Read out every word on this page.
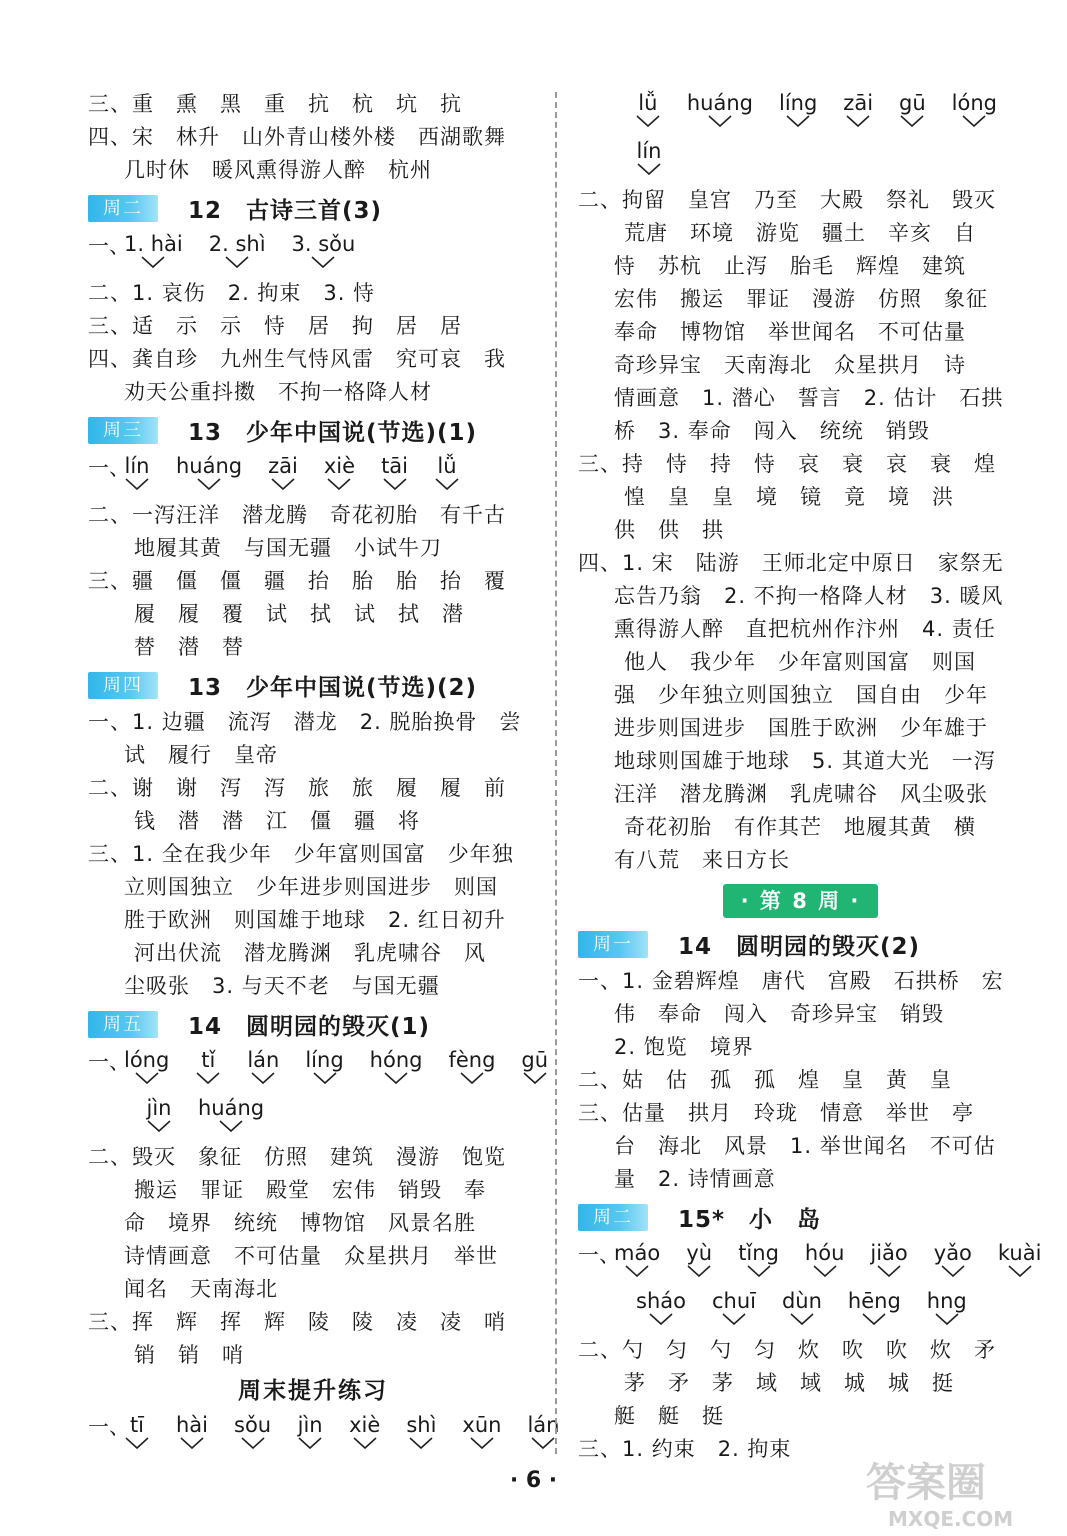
三、重　熏　黑　重　抗　杭　坑　抗
四、宋　林升　山外青山楼外楼　西湖歌舞
几时休　暖风熏得游人醉　杭州
周二	12　古诗三首(3)
一、
1. hài 2. shì 3. sǒu
二、1. 哀伤　2. 拘束　3. 恃
三、适　示　示　恃　居　拘　居　居
四、龚自珍　九州生气恃风雷　究可哀　我
劝天公重抖擞　不拘一格降人材
周三	13　少年中国说(节选)(1)
一、
lín huáng zāi xiè tāi lǚ
二、一泻汪洋　潜龙腾　奇花初胎　有千古
地履其黄　与国无疆　小试牛刀
三、疆　僵　僵　疆　抬　胎　胎　抬　覆
履　履　覆　试　拭　试　拭　潜
替　潜　替
周四	13　少年中国说(节选)(2)
一、1. 边疆　流泻　潜龙　2. 脱胎换骨　尝
试　履行　皇帝
二、谢　谢　泻　泻　旅　旅　履　履　前
钱　潜　潜　江　僵　疆　将
三、1. 全在我少年　少年富则国富　少年独
立则国独立　少年进步则国进步　则国
胜于欧洲　则国雄于地球　2. 红日初升
河出伏流　潜龙腾渊　乳虎啸谷　风
尘吸张　3. 与天不老　与国无疆
周五	14　圆明园的毁灭(1)
一、
lóng tǐ lán líng hóng fèng gū
jìn huáng
二、毁灭　象征　仿照　建筑　漫游　饱览
搬运　罪证　殿堂　宏伟　销毁　奉
命　境界　统统　博物馆　风景名胜
诗情画意　不可估量　众星拱月　举世
闻名　天南海北
三、挥　辉　挥　辉　陵　陵　凌　凌　哨
销　销　哨
周末提升练习
一、 tī hài sǒu jìn xiè shì xūn lán
lǚ huáng líng zāi gū lóng
lín
二、拘留　皇宫　乃至　大殿　祭礼　毁灭
荒唐　环境　游览　疆土　辛亥　自
恃　苏杭　止泻　胎毛　辉煌　建筑
宏伟　搬运　罪证　漫游　仿照　象征
奉命　博物馆　举世闻名　不可估量
奇珍异宝　天南海北　众星拱月　诗
情画意　1. 潜心　誓言　2. 估计　石拱
桥　3. 奉命　闯入　统统　销毁
三、持　恃　持　恃　哀　衰　哀　衰　煌
惶　皇　皇　境　镜　竟　境　洪
供　供　拱
四、1. 宋　陆游　王师北定中原日　家祭无
忘告乃翁　2. 不拘一格降人材　3. 暖风
熏得游人醉　直把杭州作汴州　4. 责任
他人　我少年　少年富则国富　则国
强　少年独立则国独立　国自由　少年
进步则国进步　国胜于欧洲　少年雄于
地球则国雄于地球　5. 其道大光　一泻
汪洋　潜龙腾渊　乳虎啸谷　风尘吸张
奇花初胎　有作其芒　地履其黄　横
有八荒　来日方长
· 第 8 周 ·
周一	14　圆明园的毁灭(2)
一、1. 金碧辉煌　唐代　宫殿　石拱桥　宏
伟　奉命　闯入　奇珍异宝　销毁
2. 饱览　境界
二、姑　估　孤　孤　煌　皇　黄　皇
三、估量　拱月　玲珑　情意　举世　亭
台　海北　风景　1. 举世闻名　不可估
量　2. 诗情画意
周二	15*　小　岛
一、
máo yù tǐng hóu jiǎo yǎo kuài
sháo chuī dùn hēng hng
二、勺　匀　勺　匀　炊　吹　吹　炊　矛
茅　矛　茅　域　域　城　城　挺
艇　艇　挺
三、1. 约束　2. 拘束
· 6 ·	答案圈
MXQE.COM
